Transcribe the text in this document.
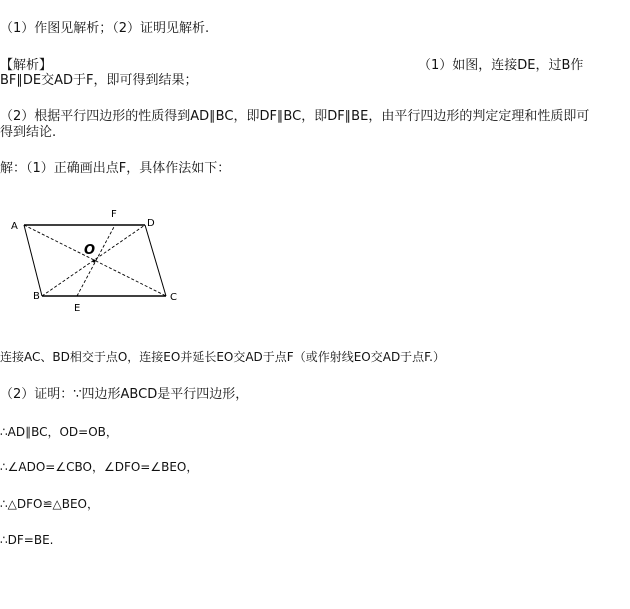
（1）作图见解析；（2）证明见解析.
【解析】	（1）如图，连接DE，过B作
BF∥DE交AD于F，即可得到结果；
（2）根据平行四边形的性质得到AD∥BC，即DF∥BC，即DF∥BE，由平行四边形的判定定理和性质即可
得到结论.
解：（1）正确画出点F，具体作法如下：
A
B	C
D
E
F
O
连接AC、BD相交于点O，连接EO并延长EO交AD于点F（或作射线EO交AD于点F.）
（2）证明：∵四边形ABCD是平行四边形，
∴AD∥BC，OD=OB，
∴∠ADO=∠CBO，∠DFO=∠BEO，
∴△DFO≌△BEO，
∴DF=BE.
